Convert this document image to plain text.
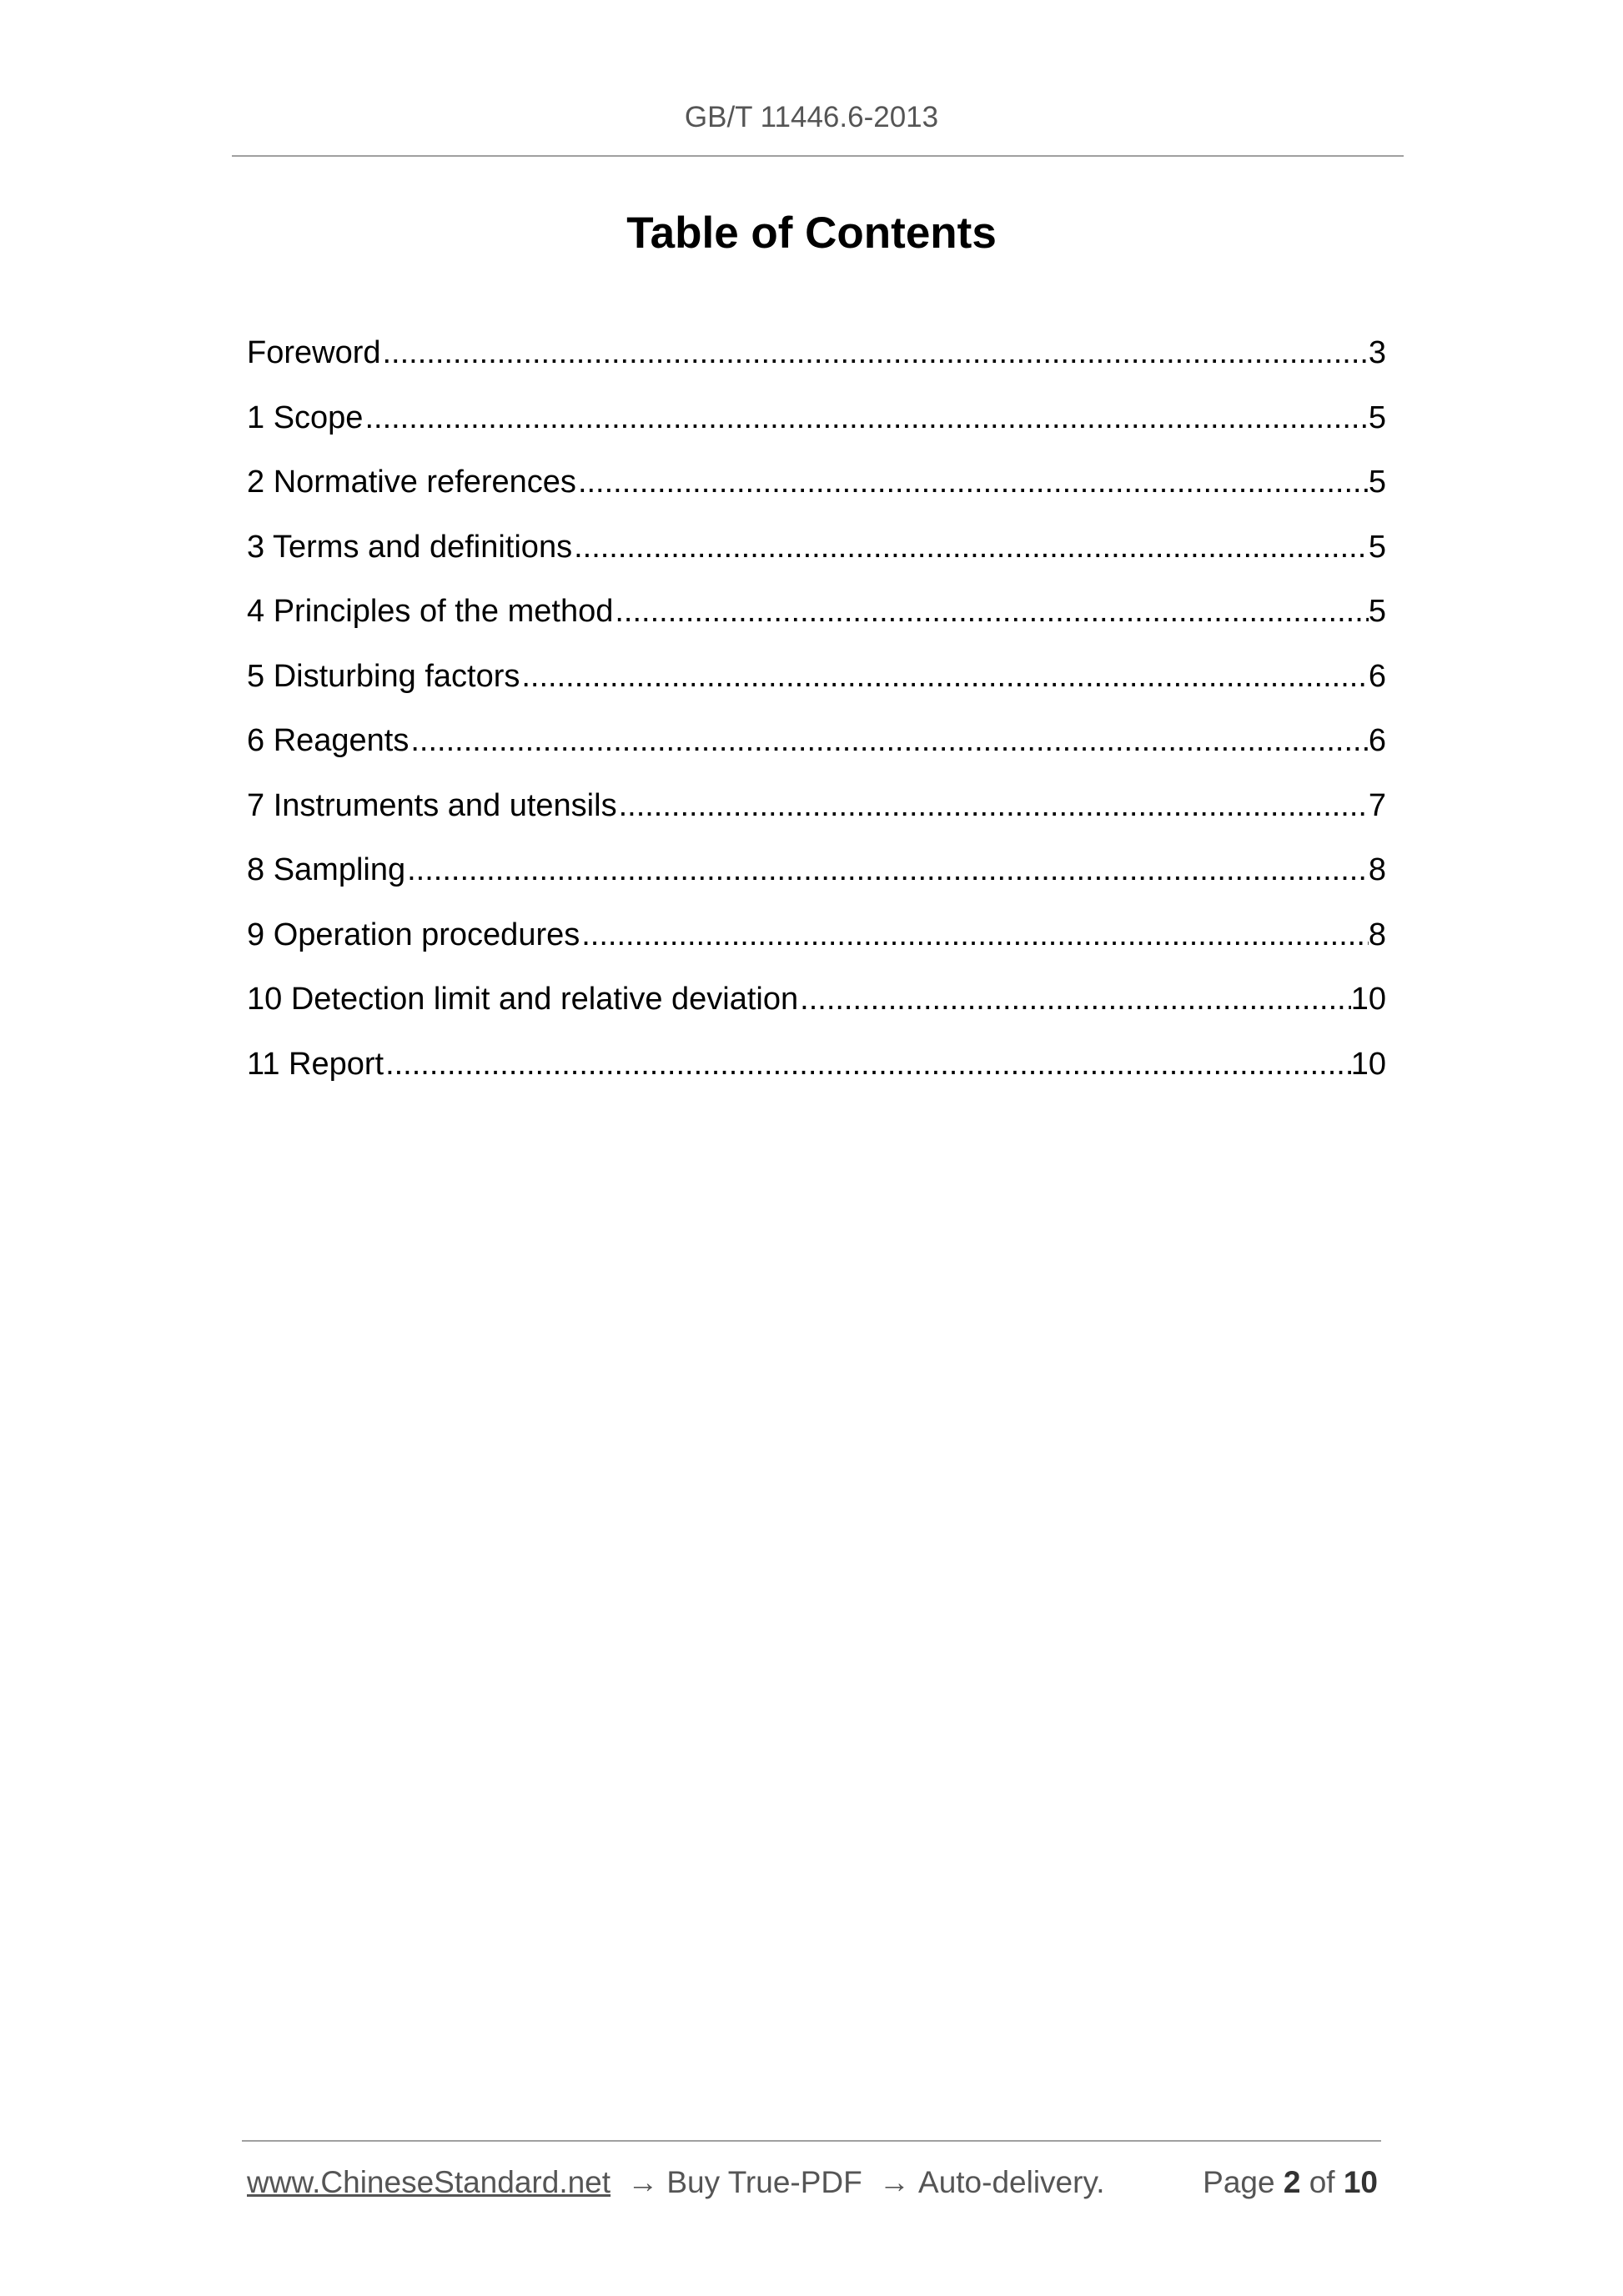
GB/T 11446.6-2013
Table of Contents
Foreword .....	3
1 Scope .....	5
2 Normative references .....	5
3 Terms and definitions .....	5
4 Principles of the method .....	5
5 Disturbing factors .....	6
6 Reagents .....	6
7 Instruments and utensils .....	7
8 Sampling .....	8
9 Operation procedures .....	8
10 Detection limit and relative deviation .....	10
11 Report .....	10
www.ChineseStandard.net → Buy True-PDF → Auto-delivery.	Page 2 of 10
